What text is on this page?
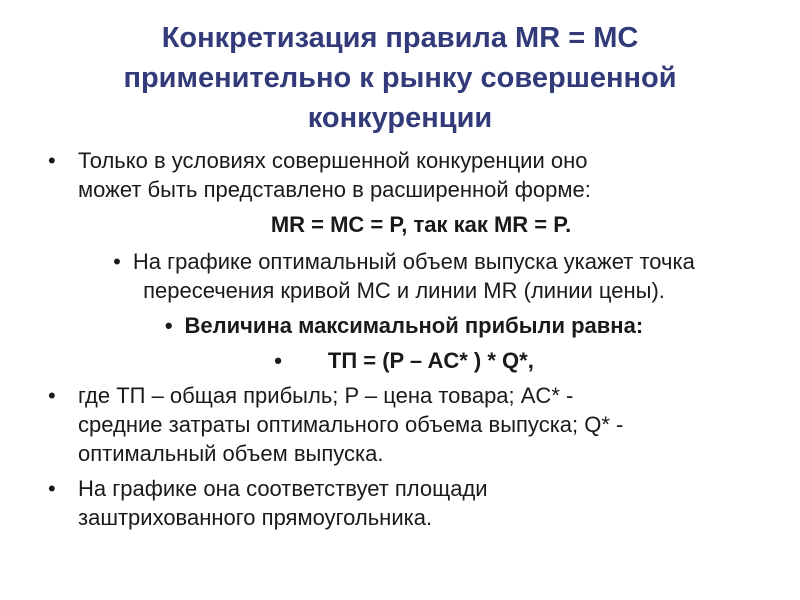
Конкретизация правила MR = MC
применительно к рынку совершенной
конкуренции
• Только в условиях совершенной конкуренции оно
может быть представлено в расширенной форме:
MR = MC = P, так как MR = P.
• На графике оптимальный объем выпуска укажет точка
пересечения кривой MC и линии MR (линии цены).
• Величина максимальной прибыли равна:
• ТП = (P – AC* ) * Q*,
• где ТП – общая прибыль; P – цена товара; AC* -
средние затраты оптимального объема выпуска; Q* -
оптимальный объем выпуска.
• На графике она соответствует площади
заштрихованного прямоугольника.
